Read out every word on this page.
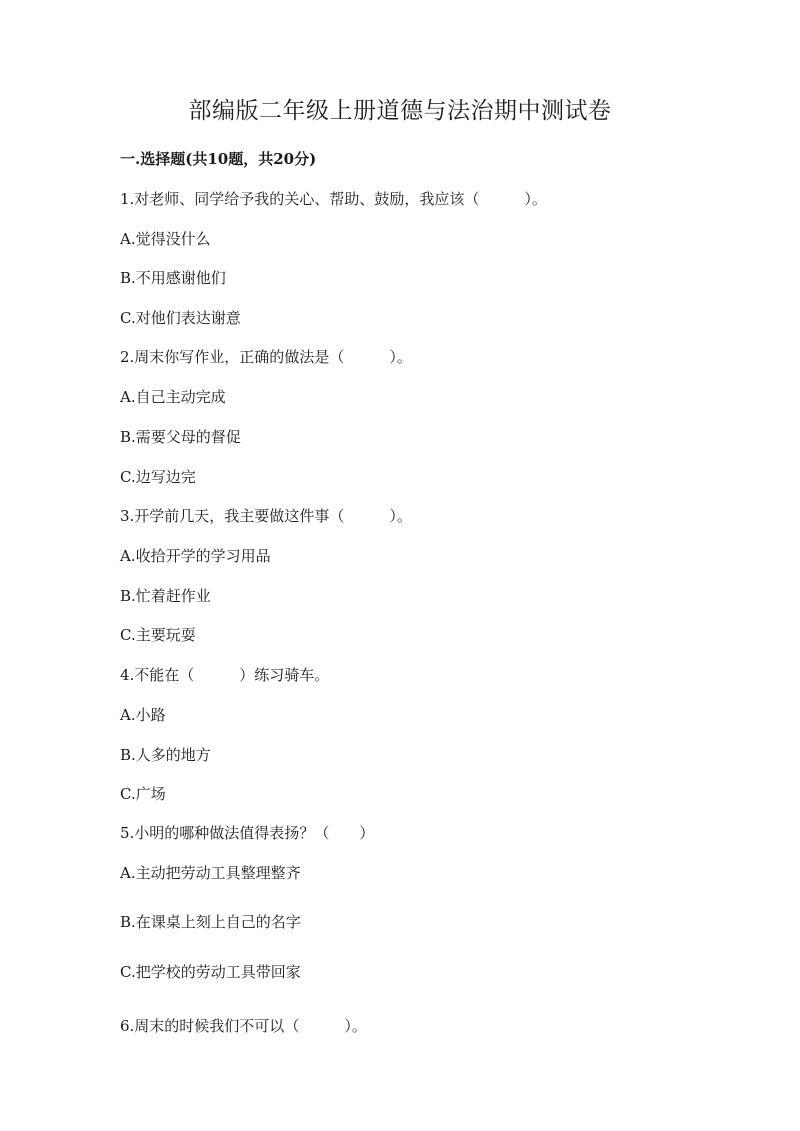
部编版二年级上册道德与法治期中测试卷
一.选择题(共10题，共20分)

1.对老师、同学给予我的关心、帮助、鼓励，我应该（　　　）。

A.觉得没什么

B.不用感谢他们

C.对他们表达谢意

2.周末你写作业，正确的做法是（　　　）。

A.自己主动完成

B.需要父母的督促

C.边写边完

3.开学前几天，我主要做这件事（　　　）。

A.收拾开学的学习用品

B.忙着赶作业

C.主要玩耍

4.不能在（　　　）练习骑车。

A.小路

B.人多的地方

C.广场

5.小明的哪种做法值得表扬？（　　）

A.主动把劳动工具整理整齐

B.在课桌上刻上自己的名字

C.把学校的劳动工具带回家

6.周末的时候我们不可以（　　　）。
